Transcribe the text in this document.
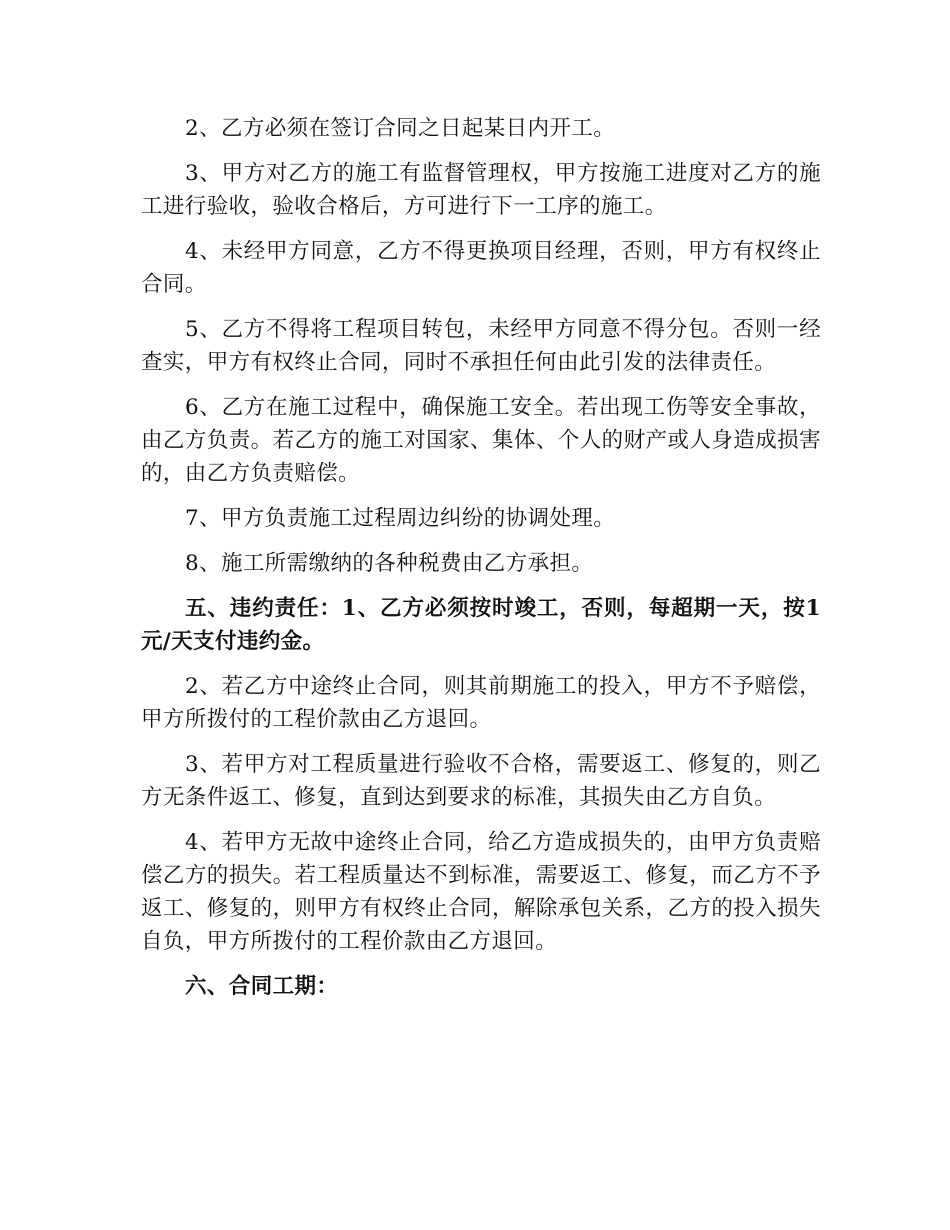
2、乙方必须在签订合同之日起某日内开工。

3、甲方对乙方的施工有监督管理权，甲方按施工进度对乙方的施工进行验收，验收合格后，方可进行下一工序的施工。

4、未经甲方同意，乙方不得更换项目经理，否则，甲方有权终止合同。

5、乙方不得将工程项目转包，未经甲方同意不得分包。否则一经查实，甲方有权终止合同，同时不承担任何由此引发的法律责任。

6、乙方在施工过程中，确保施工安全。若出现工伤等安全事故，由乙方负责。若乙方的施工对国家、集体、个人的财产或人身造成损害的，由乙方负责赔偿。

7、甲方负责施工过程周边纠纷的协调处理。

8、施工所需缴纳的各种税费由乙方承担。

五、违约责任：1、乙方必须按时竣工，否则，每超期一天，按1元/天支付违约金。

2、若乙方中途终止合同，则其前期施工的投入，甲方不予赔偿，甲方所拨付的工程价款由乙方退回。

3、若甲方对工程质量进行验收不合格，需要返工、修复的，则乙方无条件返工、修复，直到达到要求的标准，其损失由乙方自负。

4、若甲方无故中途终止合同，给乙方造成损失的，由甲方负责赔偿乙方的损失。若工程质量达不到标准，需要返工、修复，而乙方不予返工、修复的，则甲方有权终止合同，解除承包关系，乙方的投入损失自负，甲方所拨付的工程价款由乙方退回。

六、合同工期：
